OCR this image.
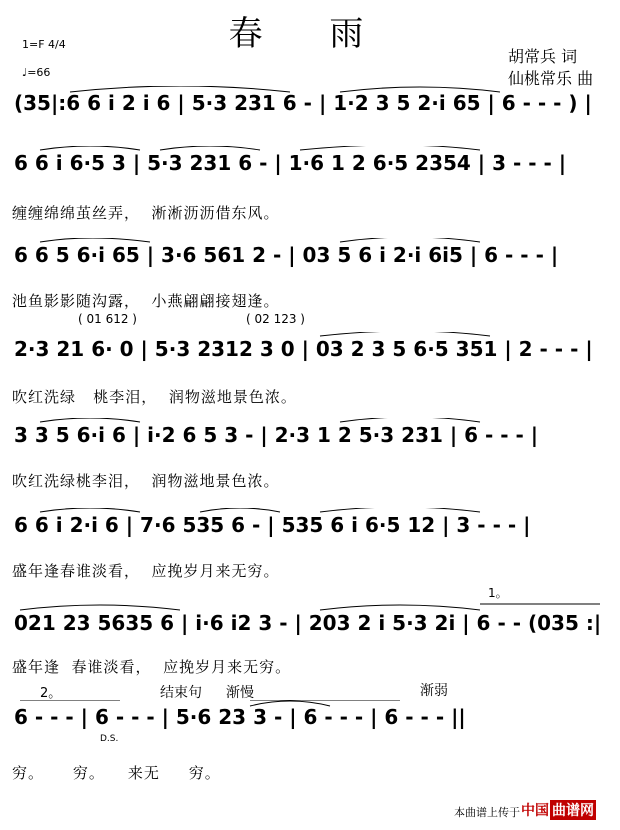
春 雨
1=F 4/4
♩=66
胡常兵 词
仙桃常乐 曲
(35|:6 6 i 2 i 6 | 5·3 231 6 - | 1·2 3 5 2·i 65 | 6 - - - ) |
6 6 i 6·5 3 | 5·3 231 6 - | 1·6 1 2 6·5 2354 | 3 - - - |
缠缠绵绵茧丝弄，  淅淅沥沥借东风。
6 6 5 6·i 65 | 3·6 561 2 - | 03 5 6 i 2·i 6i5 | 6 - - - |
池鱼影影随沟露，  小燕翩翩接翅逢。
( 01 612 )	( 02 123 )
2·3 21 6· 0 | 5·3 2312 3 0 | 03 2 3 5 6·5 351 | 2 - - - |
吹红洗绿   桃李泪，  润物滋地景色浓。
3 3 5 6·i 6 | i·2 6 5 3 - | 2·3 1 2 5·3 231 | 6 - - - |
吹红洗绿桃李泪，  润物滋地景色浓。
6 6 i 2·i 6 | 7·6 535 6 - | 535 6 i 6·5 12 | 3 - - - |
盛年逢春谁淡看，  应挽岁月来无穷。
1。
021 23 5635 6 | i·6 i2 3 - | 203 2 i 5·3 2i | 6 - - (035 :|
盛年逢  春谁淡看，  应挽岁月来无穷。
2。	结束句 渐慢	渐弱
6 - - - | 6 - - - | 5·6 23 3 - | 6 - - - | 6 - - - ||
D.S.
穷。     穷。    来无     穷。
本曲谱上传于 中国 曲谱网
